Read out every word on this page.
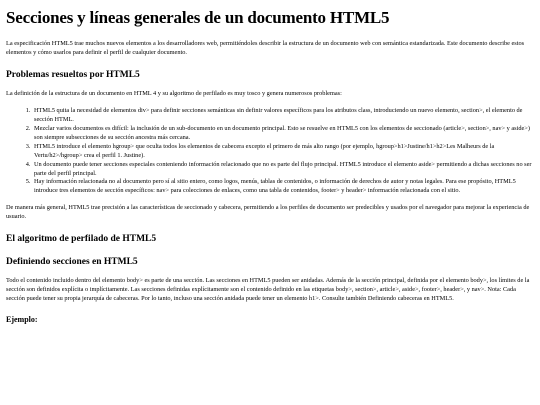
Secciones y líneas generales de un documento HTML5

La especificación HTML5 trae muchos nuevos elementos a los desarrolladores web, permitiéndoles describir la estructura de un documento web con semántica estandarizada. Este documento describe estos elementos y cómo usarlos para definir el perfil de cualquier documento.

Problemas resueltos por HTML5

La definición de la estructura de un documento en HTML 4 y su algoritmo de perfilado es muy tosco y genera numerosos problemas:

1. HTML5 quita la necesidad de elementos div> para definir secciones semánticas sin definir valores específicos para los atributos class, introduciendo un nuevo elemento, section>, el elemento de sección HTML.
2. Mezclar varios documentos es difícil: la inclusión de un sub-documento en un documento principal. Esto se resuelve en HTML5 con los elementos de seccionado (article>, section>, nav> y aside>) son siempre subsecciones de su sección ancestra más cercana.
3. HTML5 introduce el elemento hgroup> que oculta todos los elementos de cabecera excepto el primero de más alto rango (por ejemplo, hgroup>h1>Justine/h1>h2>Les Malheurs de la Vertu/h2>/hgroup> crea el perfil 1. Justine).
4. Un documento puede tener secciones especiales conteniendo información relacionado que no es parte del flujo principal. HTML5 introduce el elemento aside> permitiendo a dichas secciones no ser parte del perfil principal.
5. Hay información relacionada no al documento pero sí al sitio entero, como logos, menús, tablas de contenidos, o información de derechos de autor y notas legales. Para ese propósito, HTML5 introduce tres elementos de sección específicos: nav> para colecciones de enlaces, como una tabla de contenidos, footer> y header> información relacionada con el sitio.

De manera más general, HTML5 trae precisión a las características de seccionado y cabecera, permitiendo a los perfiles de documento ser predecibles y usados por el navegador para mejorar la experiencia de usuario.

El algoritmo de perfilado de HTML5
Definiendo secciones en HTML5

Todo el contenido incluido dentro del elemento body> es parte de una sección. Las secciones en HTML5 pueden ser anidadas. Además de la sección principal, definida por el elemento body>, los límites de la sección son definidos explícita o implícitamente. Las secciones definidas explícitamente son el contenido definido en las etiquetas body>, section>, article>, aside>, footer>, header>, y nav>. Nota: Cada sección puede tener su propia jerarquía de cabeceras. Por lo tanto, incluso una sección anidada puede tener un elemento h1>. Consulte también Definiendo cabeceras en HTML5.

Ejemplo:
